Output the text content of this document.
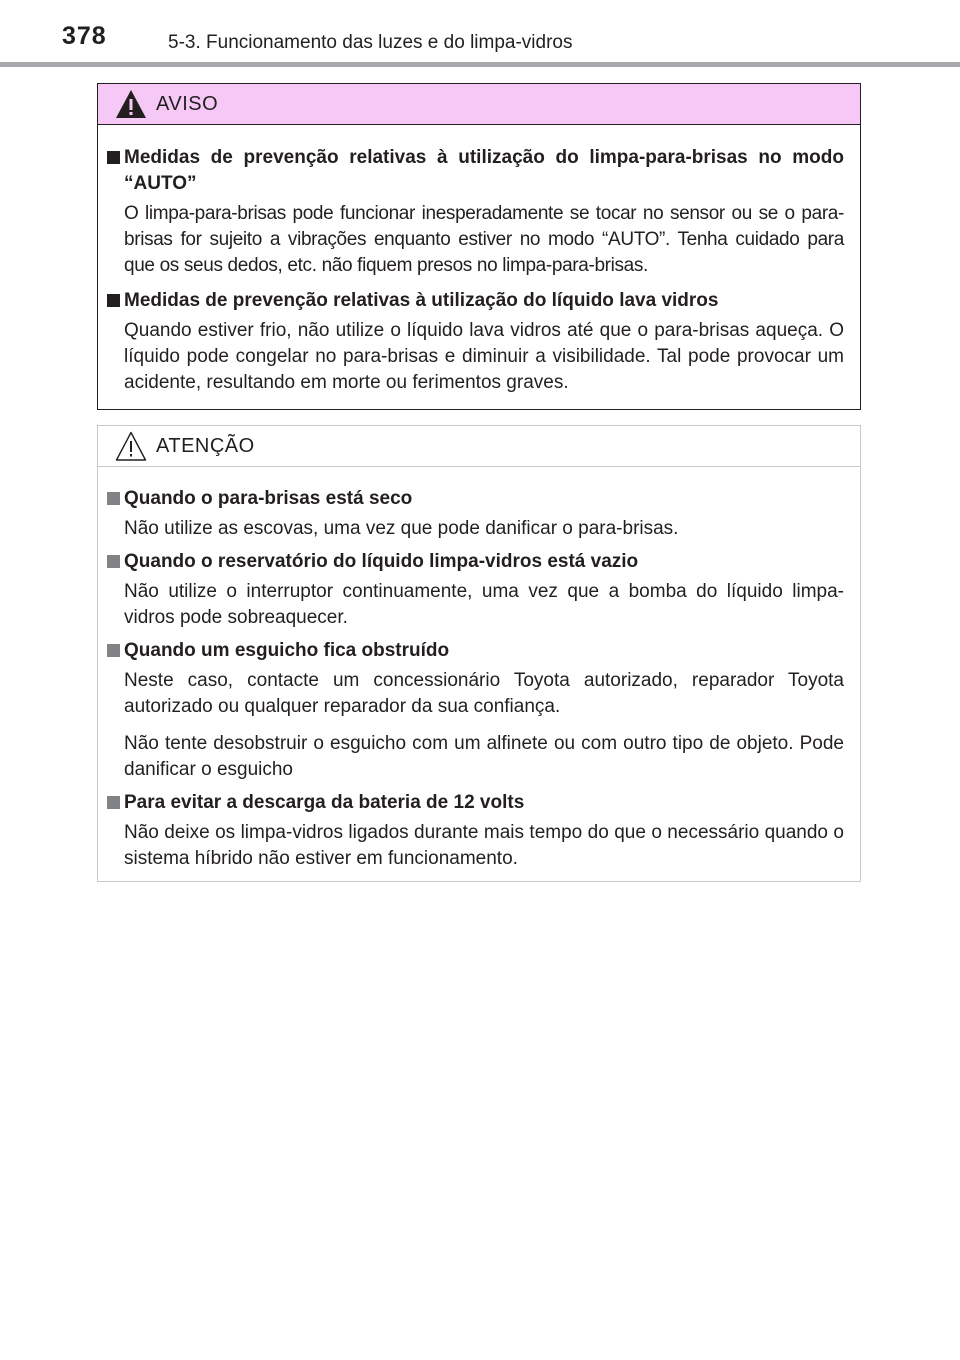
378	5-3. Funcionamento das luzes e do limpa-vidros
AVISO
Medidas de prevenção relativas à utilização do limpa-para-brisas no modo “AUTO”
O limpa-para-brisas pode funcionar inesperadamente se tocar no sensor ou se o para-brisas for sujeito a vibrações enquanto estiver no modo “AUTO”. Tenha cuidado para que os seus dedos, etc. não fiquem presos no limpa-para-brisas.
Medidas de prevenção relativas à utilização do líquido lava vidros
Quando estiver frio, não utilize o líquido lava vidros até que o para-brisas aqueça. O líquido pode congelar no para-brisas e diminuir a visibilidade. Tal pode provocar um acidente, resultando em morte ou ferimentos graves.
ATENÇÃO
Quando o para-brisas está seco
Não utilize as escovas, uma vez que pode danificar o para-brisas.
Quando o reservatório do líquido limpa-vidros está vazio
Não utilize o interruptor continuamente, uma vez que a bomba do líquido limpa-vidros pode sobreaquecer.
Quando um esguicho fica obstruído
Neste caso, contacte um concessionário Toyota autorizado, reparador Toyota autorizado ou qualquer reparador da sua confiança.
Não tente desobstruir o esguicho com um alfinete ou com outro tipo de objeto. Pode danificar o esguicho
Para evitar a descarga da bateria de 12 volts
Não deixe os limpa-vidros ligados durante mais tempo do que o necessário quando o sistema híbrido não estiver em funcionamento.
